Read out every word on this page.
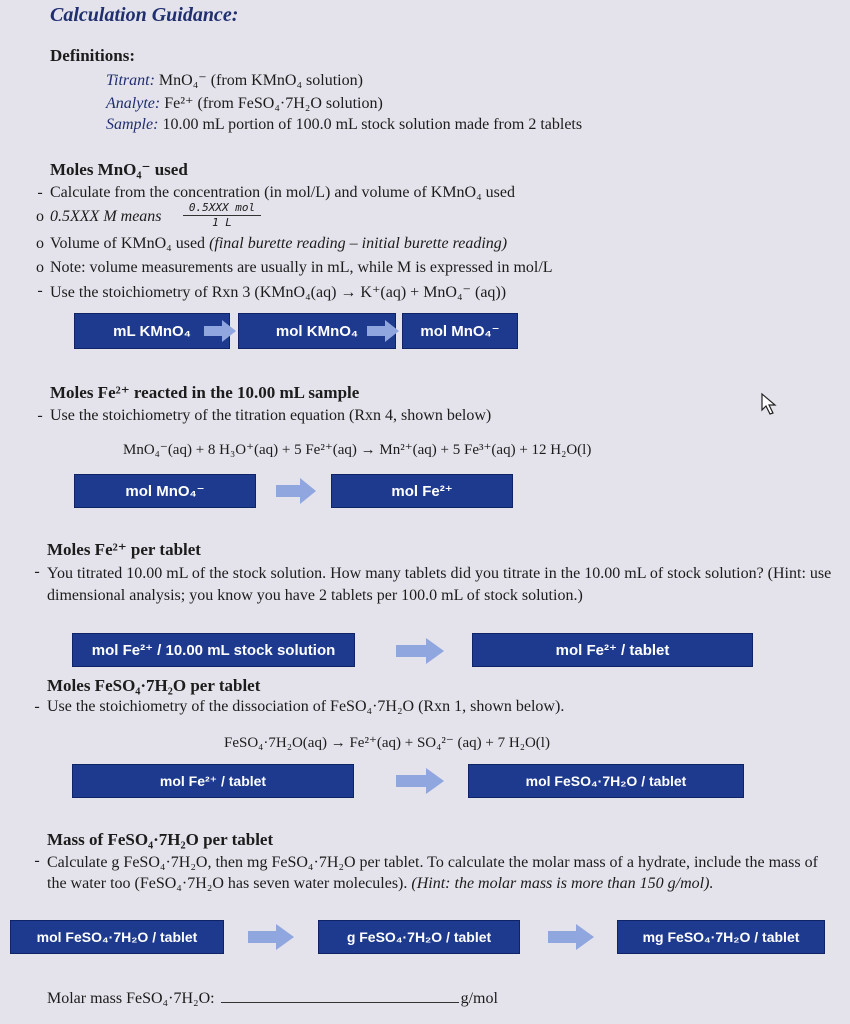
Calculation Guidance:
Definitions:
Titrant: MnO₄⁻ (from KMnO₄ solution)
Analyte: Fe²⁺ (from FeSO₄·7H₂O solution)
Sample: 10.00 mL portion of 100.0 mL stock solution made from 2 tablets
Moles MnO₄⁻ used
- Calculate from the concentration (in mol/L) and volume of KMnO₄ used
o 0.5XXX M means
0.5XXX mol
1 L
o Volume of KMnO₄ used (final burette reading – initial burette reading)
o Note: volume measurements are usually in mL, while M is expressed in mol/L
- Use the stoichiometry of Rxn 3 (KMnO₄(aq) → K⁺(aq) + MnO₄⁻ (aq))
mL KMnO₄	mol KMnO₄	mol MnO₄⁻
Moles Fe²⁺ reacted in the 10.00 mL sample
- Use the stoichiometry of the titration equation (Rxn 4, shown below)
MnO₄⁻(aq) + 8 H₃O⁺(aq) + 5 Fe²⁺(aq) → Mn²⁺(aq) + 5 Fe³⁺(aq) + 12 H₂O(l)
mol MnO₄⁻	mol Fe²⁺
Moles Fe²⁺ per tablet
- You titrated 10.00 mL of the stock solution. How many tablets did you titrate in the 10.00 mL of stock solution? (Hint: use dimensional analysis; you know you have 2 tablets per 100.0 mL of stock solution.)
mol Fe²⁺ / 10.00 mL stock solution	mol Fe²⁺ / tablet
Moles FeSO₄·7H₂O per tablet
- Use the stoichiometry of the dissociation of FeSO₄·7H₂O (Rxn 1, shown below).
FeSO₄·7H₂O(aq) → Fe²⁺(aq) + SO₄²⁻ (aq) + 7 H₂O(l)
mol Fe²⁺ / tablet	mol FeSO₄·7H₂O / tablet
Mass of FeSO₄·7H₂O per tablet
- Calculate g FeSO₄·7H₂O, then mg FeSO₄·7H₂O per tablet. To calculate the molar mass of a hydrate, include the mass of the water too (FeSO₄·7H₂O has seven water molecules). (Hint: the molar mass is more than 150 g/mol).
mol FeSO₄·7H₂O / tablet	g FeSO₄·7H₂O / tablet	mg FeSO₄·7H₂O / tablet
Molar mass FeSO₄·7H₂O:	g/mol
